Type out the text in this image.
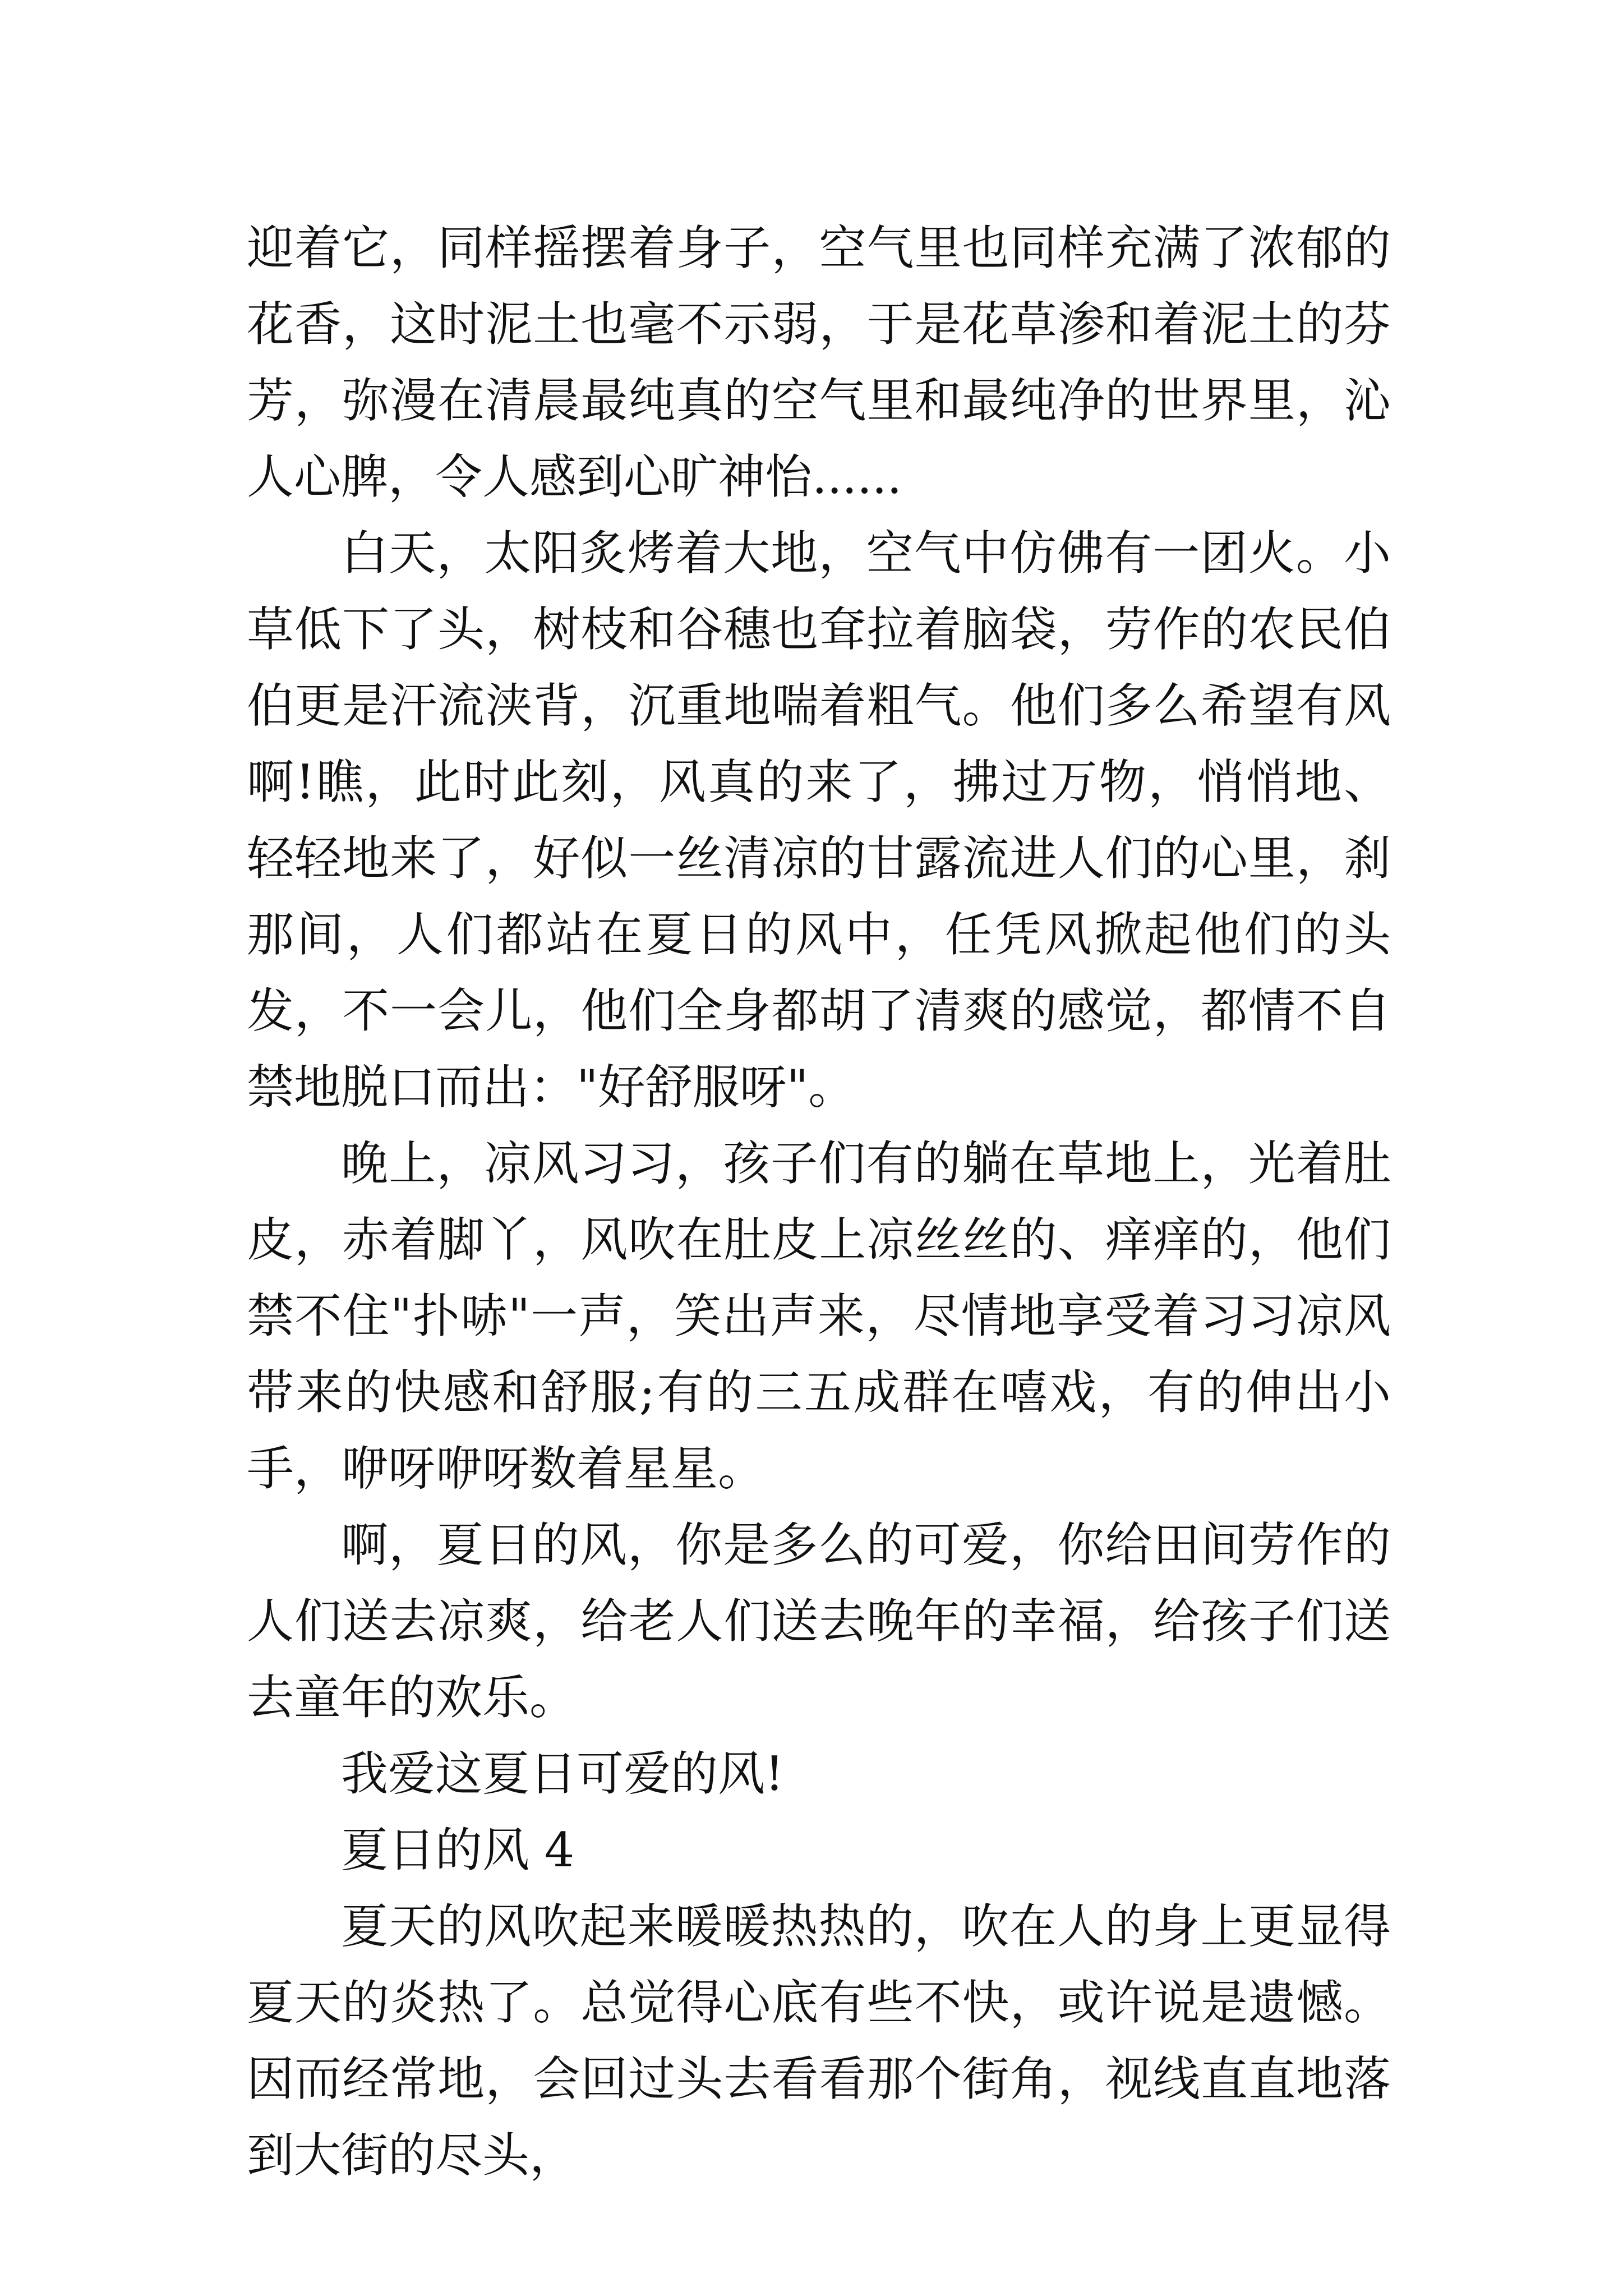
迎着它，同样摇摆着身子，空气里也同样充满了浓郁的花香，这时泥土也毫不示弱，于是花草渗和着泥土的芬芳，弥漫在清晨最纯真的空气里和最纯净的世界里，沁人心脾，令人感到心旷神怡......

白天，太阳炙烤着大地，空气中仿佛有一团火。小草低下了头，树枝和谷穗也耷拉着脑袋，劳作的农民伯伯更是汗流浃背，沉重地喘着粗气。他们多么希望有风啊!瞧，此时此刻，风真的来了，拂过万物，悄悄地、轻轻地来了，好似一丝清凉的甘露流进人们的心里，刹那间，人们都站在夏日的风中，任凭风掀起他们的头发，不一会儿，他们全身都胡了清爽的感觉，都情不自禁地脱口而出："好舒服呀"。

晚上，凉风习习，孩子们有的躺在草地上，光着肚皮，赤着脚丫，风吹在肚皮上凉丝丝的、痒痒的，他们禁不住"扑哧"一声，笑出声来，尽情地享受着习习凉风带来的快感和舒服;有的三五成群在嘻戏，有的伸出小手，咿呀咿呀数着星星。

啊，夏日的风，你是多么的可爱，你给田间劳作的人们送去凉爽，给老人们送去晚年的幸福，给孩子们送去童年的欢乐。

我爱这夏日可爱的风!

夏日的风 4

夏天的风吹起来暖暖热热的，吹在人的身上更显得夏天的炎热了。总觉得心底有些不快，或许说是遗憾。因而经常地，会回过头去看看那个街角，视线直直地落到大街的尽头，
